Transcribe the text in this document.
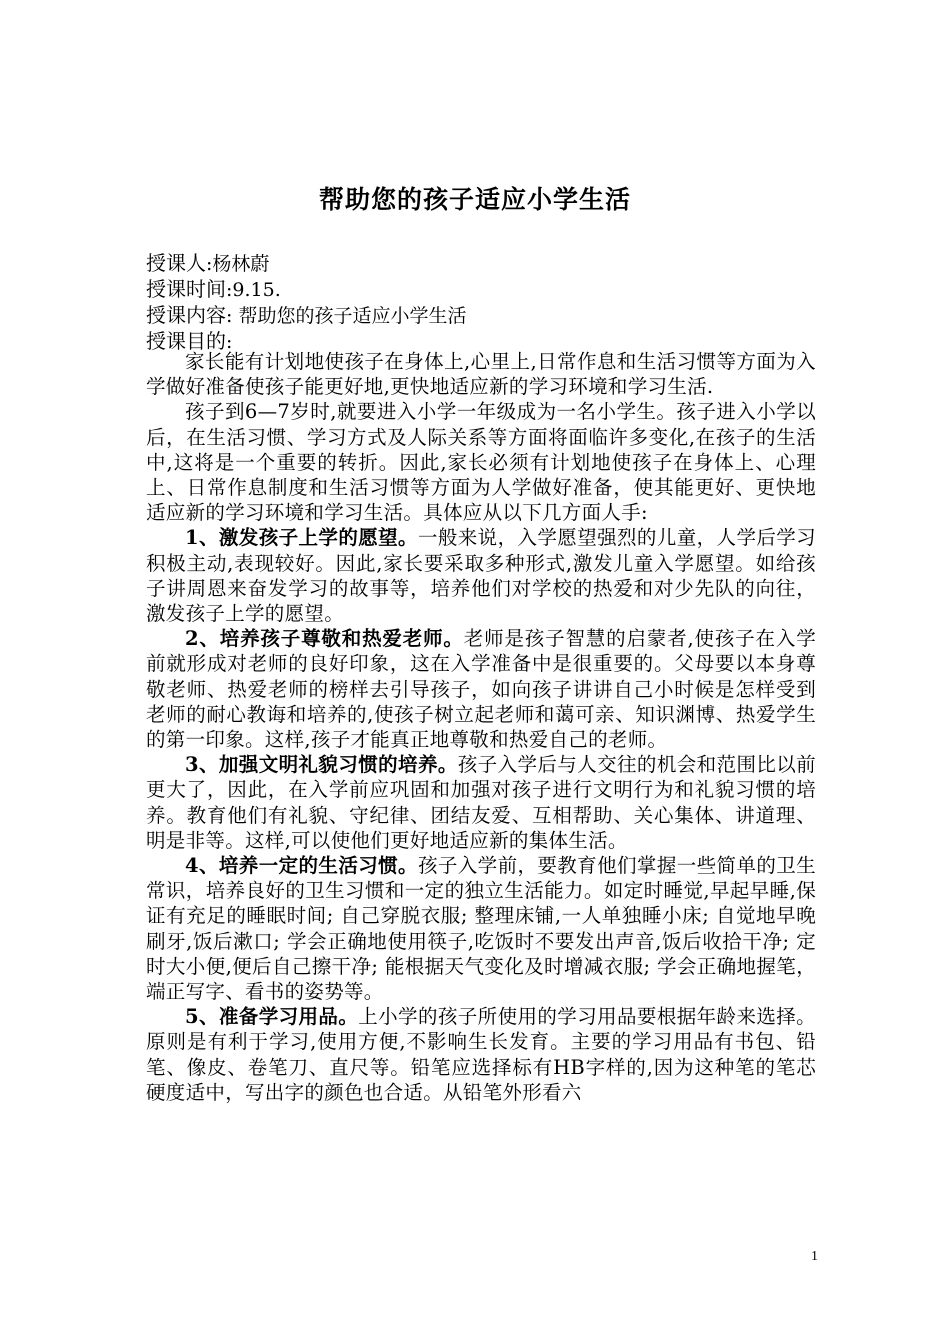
帮助您的孩子适应小学生活
授课人:杨林蔚
授课时间:9.15.
授课内容: 帮助您的孩子适应小学生活
授课目的:

家长能有计划地使孩子在身体上,心里上,日常作息和生活习惯等方面为入学做好准备使孩子能更好地,更快地适应新的学习环境和学习生活.

孩子到6—7岁时,就要进入小学一年级成为一名小学生。孩子进入小学以后，在生活习惯、学习方式及人际关系等方面将面临许多变化,在孩子的生活中,这将是一个重要的转折。因此,家长必须有计划地使孩子在身体上、心理上、日常作息制度和生活习惯等方面为人学做好准备，使其能更好、更快地适应新的学习环境和学习生活。具体应从以下几方面人手:

1、激发孩子上学的愿望。一般来说，入学愿望强烈的儿童，人学后学习积极主动,表现较好。因此,家长要采取多种形式,激发儿童入学愿望。如给孩子讲周恩来奋发学习的故事等，培养他们对学校的热爱和对少先队的向往，激发孩子上学的愿望。

2、培养孩子尊敬和热爱老师。老师是孩子智慧的启蒙者,使孩子在入学前就形成对老师的良好印象，这在入学准备中是很重要的。父母要以本身尊敬老师、热爱老师的榜样去引导孩子，如向孩子讲讲自己小时候是怎样受到老师的耐心教诲和培养的,使孩子树立起老师和蔼可亲、知识渊博、热爱学生的第一印象。这样,孩子才能真正地尊敬和热爱自己的老师。

3、加强文明礼貌习惯的培养。孩子入学后与人交往的机会和范围比以前更大了，因此，在入学前应巩固和加强对孩子进行文明行为和礼貌习惯的培养。教育他们有礼貌、守纪律、团结友爱、互相帮助、关心集体、讲道理、明是非等。这样,可以使他们更好地适应新的集体生活。

4、培养一定的生活习惯。孩子入学前，要教育他们掌握一些简单的卫生常识，培养良好的卫生习惯和一定的独立生活能力。如定时睡觉,早起早睡,保证有充足的睡眠时间; 自己穿脱衣服; 整理床铺,一人单独睡小床; 自觉地早晚刷牙,饭后漱口; 学会正确地使用筷子,吃饭时不要发出声音,饭后收拾干净; 定时大小便,便后自己擦干净; 能根据天气变化及时增减衣服; 学会正确地握笔，端正写字、看书的姿势等。

5、准备学习用品。上小学的孩子所使用的学习用品要根据年龄来选择。原则是有利于学习,使用方便,不影响生长发育。主要的学习用品有书包、铅笔、像皮、卷笔刀、直尺等。铅笔应选择标有HB字样的,因为这种笔的笔芯硬度适中，写出字的颜色也合适。从铅笔外形看六

1
